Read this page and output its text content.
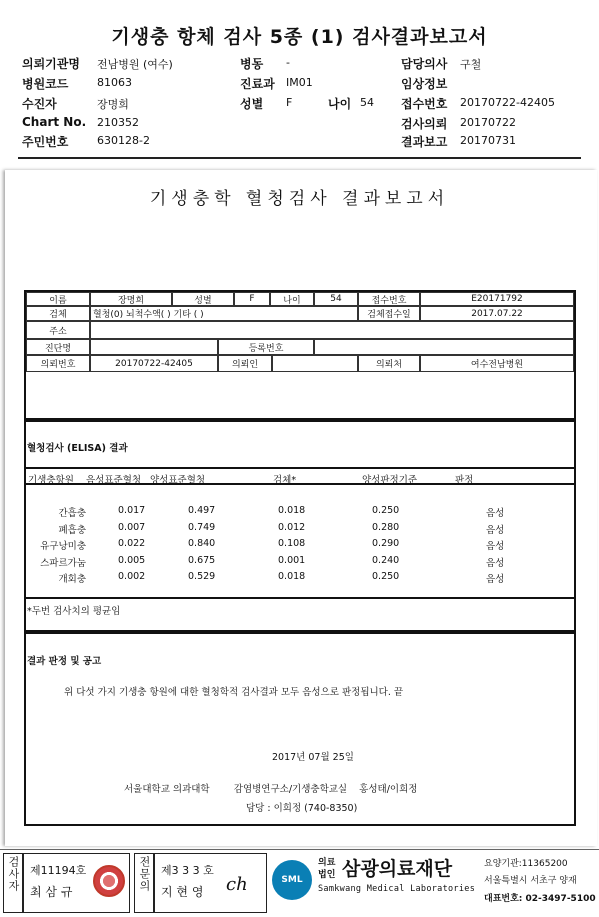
기생충 항체 검사 5종 (1) 검사결과보고서
의뢰기관명 전남병원 (여수)	병동 -	담당의사 구철
병원코드	81063	진료과 IM01	임상정보
수진자	장명희	성별 F	나이 54 접수번호 20170722-42405
Chart No. 210352	검사의뢰 20170722
주민번호	630128-2	결과보고 20170731
기생충학 혈청검사 결과보고서
이름	장명희	성별	F	나이	54	접수번호	E20171792
검체	혈청(0) 뇌척수액( ) 기타 ( )	검체접수일	2017.07.22
주소
진단명	등록번호
의뢰번호	20170722-42405	의뢰인	의뢰처	여수전남병원
혈청검사 (ELISA) 결과
기생충항원 음성표준혈청 양성표준혈청	검체*	양성판정기준	판정
간흡충	0.017	0.497	0.018	0.250	음성
폐흡충	0.007	0.749	0.012	0.280	음성
유구낭미충	0.022	0.840	0.108	0.290	음성
스파르가눔	0.005	0.675	0.001	0.240	음성
개회충	0.002	0.529	0.018	0.250	음성
*두번 검사치의 평균임
결과 판정 및 공고
위 다섯 가지 기생충 항원에 대한 혈청학적 검사결과 모두 음성으로 판정됩니다. 끝
2017년 07월 25일
서울대학교 의과대학        감염병연구소/기생충학교실    홍성태/이희정
담당 : 이희정 (740-8350)
검사자 제11194호
최 삼 규	전문의 제3 3 3 호
지 현 영 ch	SML
의료
법인 삼광의료재단
Samkwang Medical Laboratories
요양기관:11365200
서울특별시 서초구 양재
대표번호: 02-3497-5100
